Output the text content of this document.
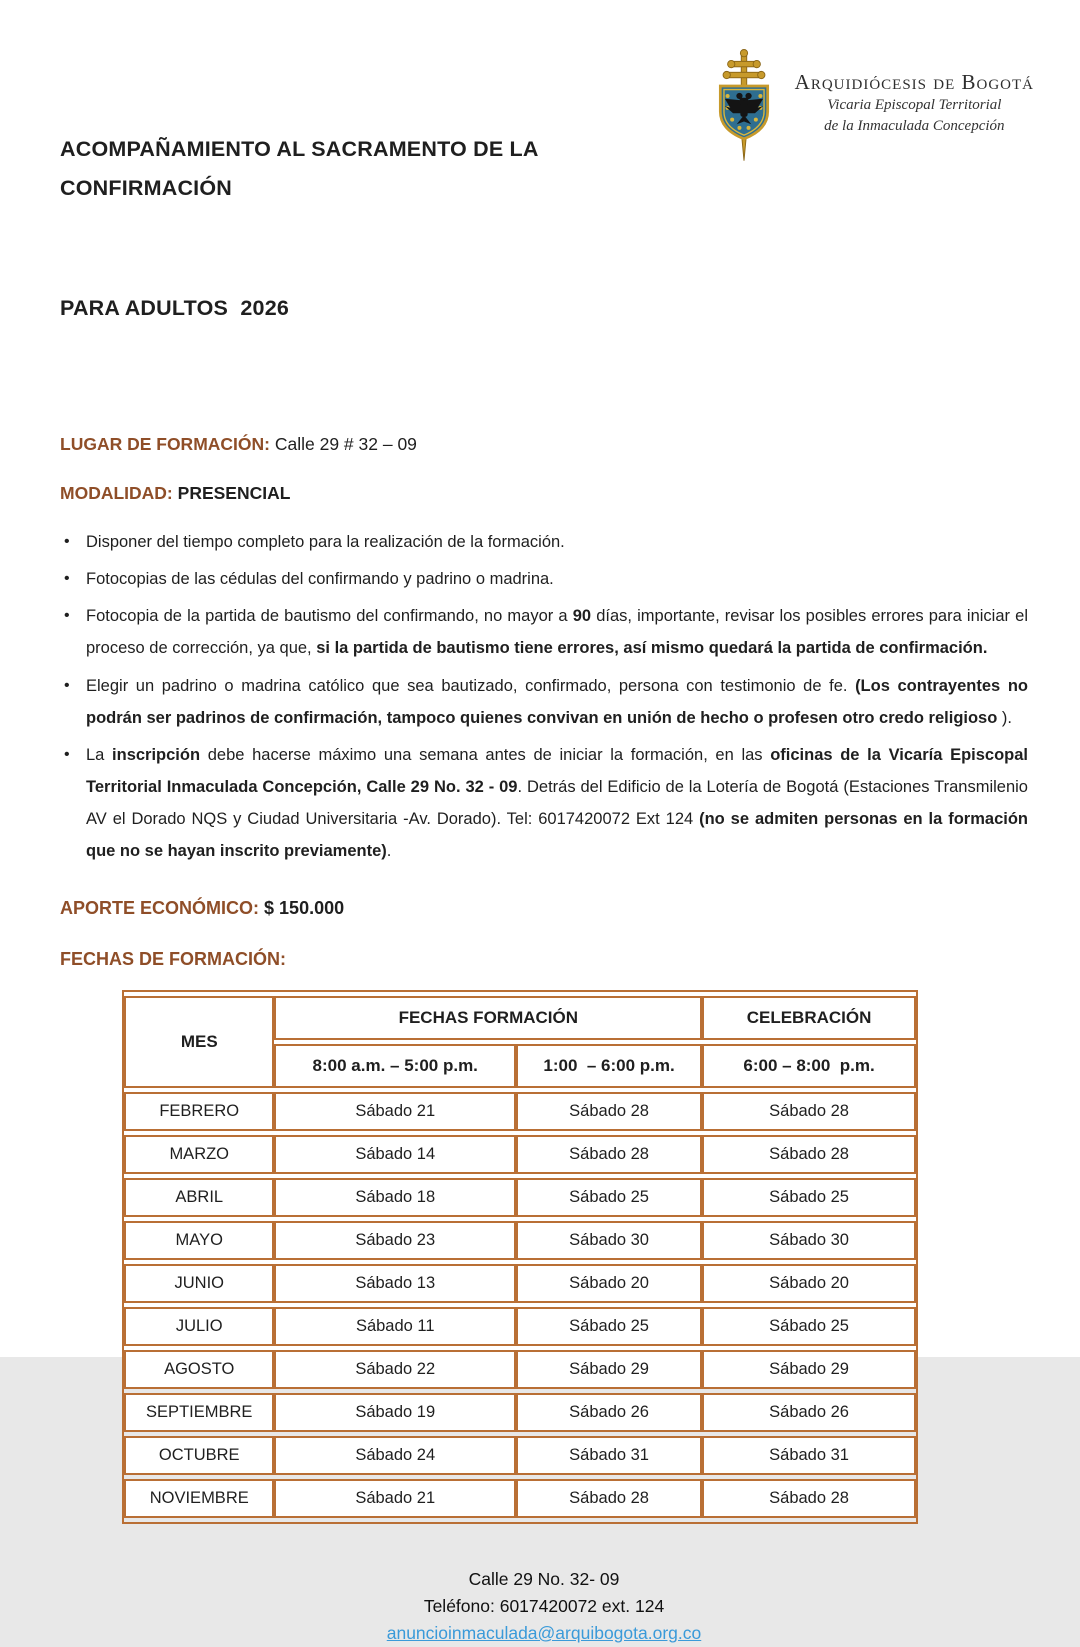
ACOMPAÑAMIENTO AL SACRAMENTO DE LA CONFIRMACIÓN

PARA ADULTOS  2026

Arquidiócesis de Bogotá
Vicaria Episcopal Territorial
de la Inmaculada Concepción

LUGAR DE FORMACIÓN: Calle 29 # 32 – 09

MODALIDAD: PRESENCIAL

• Disponer del tiempo completo para la realización de la formación.
• Fotocopias de las cédulas del confirmando y padrino o madrina.
• Fotocopia de la partida de bautismo del confirmando, no mayor a 90 días, importante, revisar los posibles errores para iniciar el proceso de corrección, ya que, si la partida de bautismo tiene errores, así mismo quedará la partida de confirmación.
• Elegir un padrino o madrina católico que sea bautizado, confirmado, persona con testimonio de fe. (Los contrayentes no podrán ser padrinos de confirmación, tampoco quienes convivan en unión de hecho o profesen otro credo religioso ).
• La inscripción debe hacerse máximo una semana antes de iniciar la formación, en las oficinas de la Vicaría Episcopal Territorial Inmaculada Concepción, Calle 29 No. 32 - 09. Detrás del Edificio de la Lotería de Bogotá (Estaciones Transmilenio AV el Dorado NQS y Ciudad Universitaria -Av. Dorado). Tel: 6017420072 Ext 124 (no se admiten personas en la formación que no se hayan inscrito previamente).

APORTE ECONÓMICO: $ 150.000

FECHAS DE FORMACIÓN:

MES	FECHAS FORMACIÓN		CELEBRACIÓN
	8:00 a.m. – 5:00 p.m.	1:00  – 6:00 p.m.	6:00 – 8:00  p.m.
FEBRERO	Sábado 21	Sábado 28	Sábado 28
MARZO	Sábado 14	Sábado 28	Sábado 28
ABRIL	Sábado 18	Sábado 25	Sábado 25
MAYO	Sábado 23	Sábado 30	Sábado 30
JUNIO	Sábado 13	Sábado 20	Sábado 20
JULIO	Sábado 11	Sábado 25	Sábado 25
AGOSTO	Sábado 22	Sábado 29	Sábado 29
SEPTIEMBRE	Sábado 19	Sábado 26	Sábado 26
OCTUBRE	Sábado 24	Sábado 31	Sábado 31
NOVIEMBRE	Sábado 21	Sábado 28	Sábado 28
Calle 29 No. 32- 09
Teléfono: 6017420072 ext. 124
anuncioinmaculada@arquibogota.org.co
